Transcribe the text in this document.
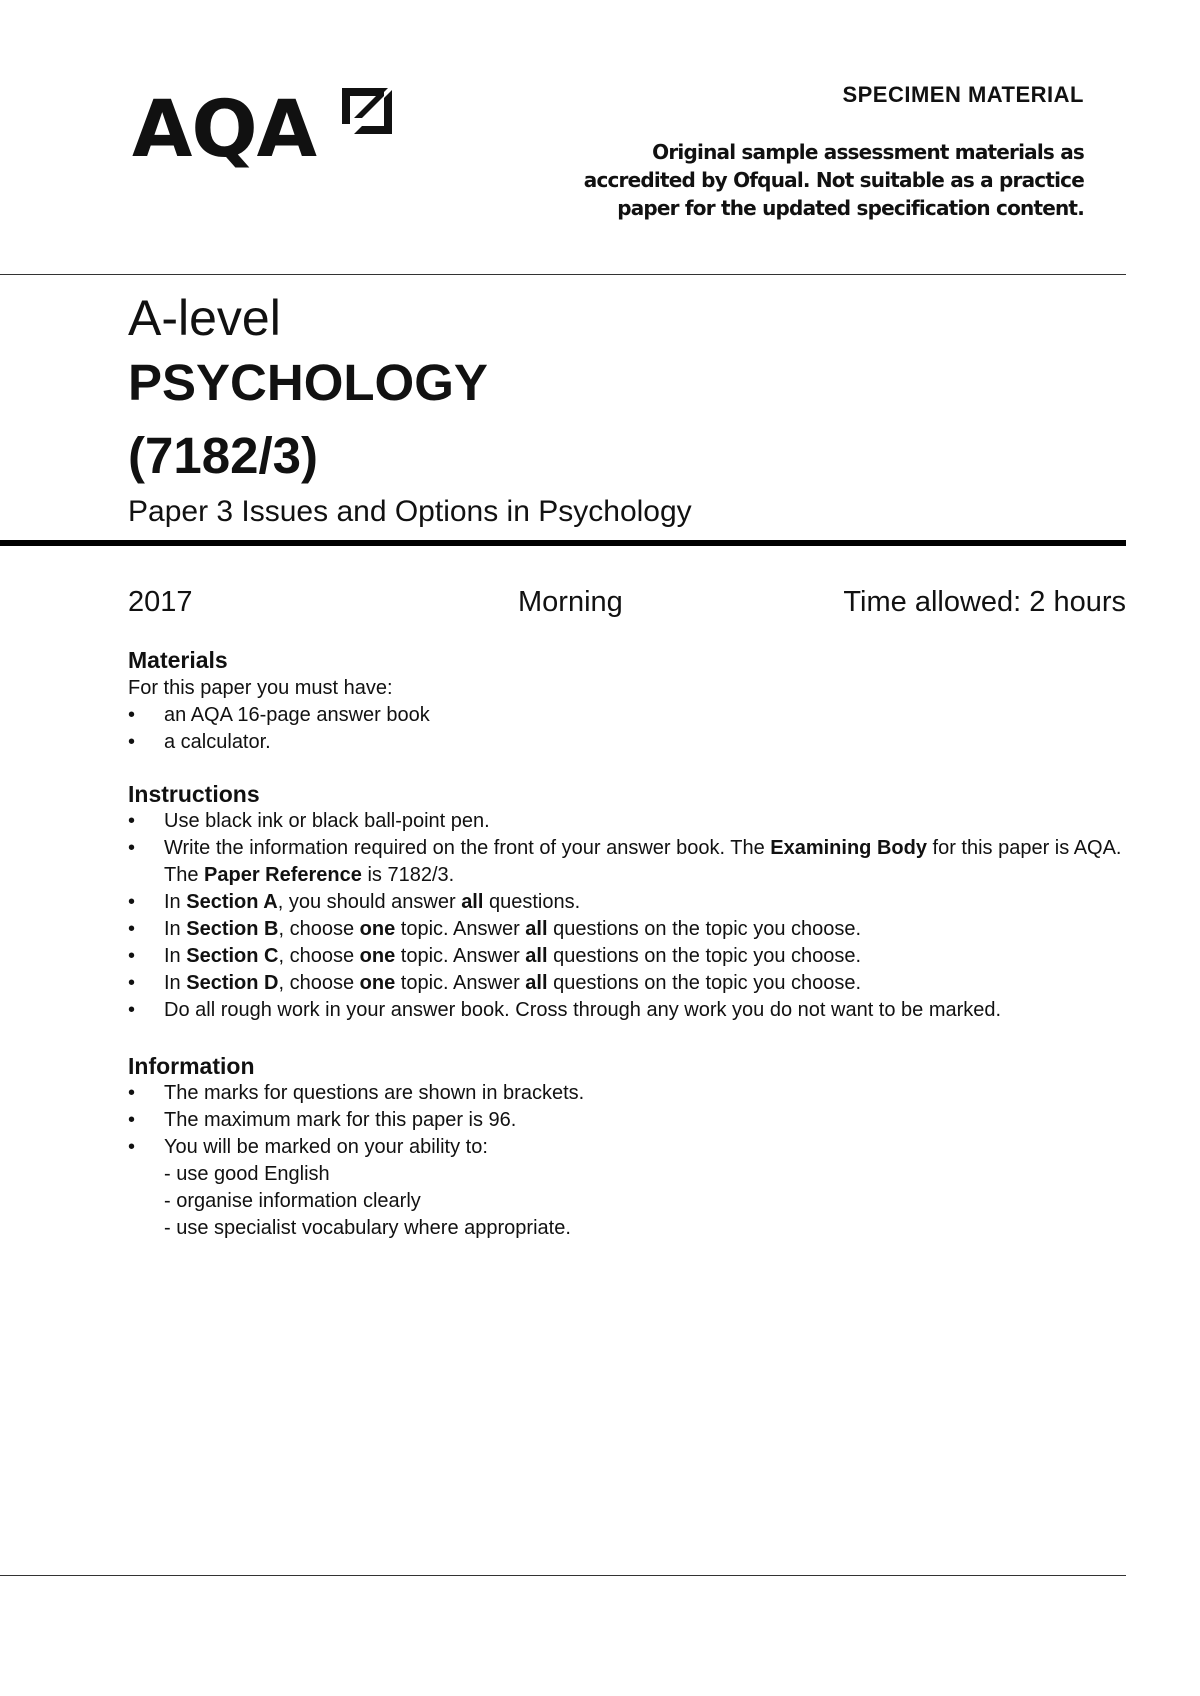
AQA	SPECIMEN MATERIAL
Original sample assessment materials as accredited by Ofqual. Not suitable as a practice paper for the updated specification content.
A-level
PSYCHOLOGY
(7182/3)
Paper 3 Issues and Options in Psychology
2017	Morning	Time allowed: 2 hours
Materials
For this paper you must have:
• an AQA 16-page answer book
• a calculator.
Instructions
• Use black ink or black ball-point pen.
• Write the information required on the front of your answer book. The Examining Body for this paper is AQA. The Paper Reference is 7182/3.
• In Section A, you should answer all questions.
• In Section B, choose one topic. Answer all questions on the topic you choose.
• In Section C, choose one topic. Answer all questions on the topic you choose.
• In Section D, choose one topic. Answer all questions on the topic you choose.
• Do all rough work in your answer book. Cross through any work you do not want to be marked.
Information
• The marks for questions are shown in brackets.
• The maximum mark for this paper is 96.
• You will be marked on your ability to:
- use good English
- organise information clearly
- use specialist vocabulary where appropriate.
